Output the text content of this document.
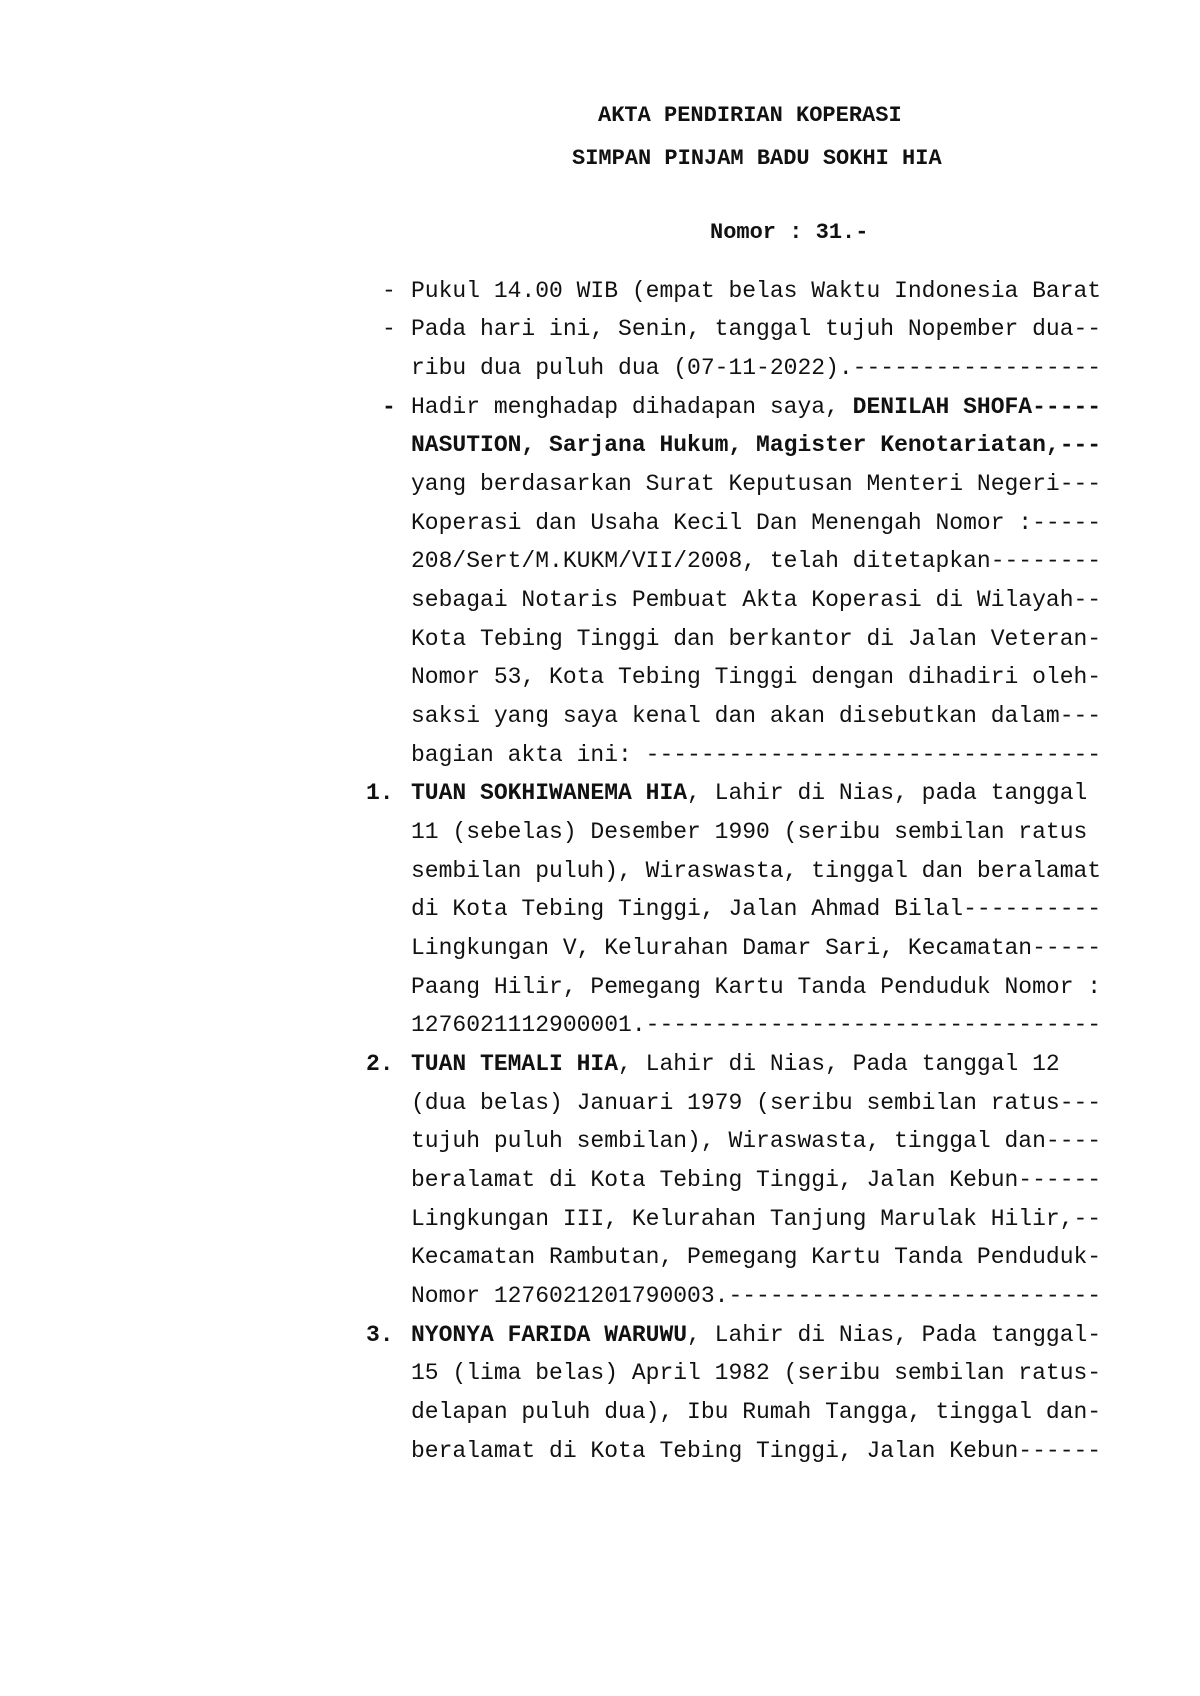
AKTA PENDIRIAN KOPERASI
SIMPAN PINJAM BADU SOKHI HIA
Nomor : 31.-
- Pukul 14.00 WIB (empat belas Waktu Indonesia Barat
- Pada hari ini, Senin, tanggal tujuh Nopember dua--
ribu dua puluh dua (07-11-2022).------------------
- Hadir menghadap dihadapan saya, DENILAH SHOFA-----
NASUTION, Sarjana Hukum, Magister Kenotariatan,---
yang berdasarkan Surat Keputusan Menteri Negeri---
Koperasi dan Usaha Kecil Dan Menengah Nomor :-----
208/Sert/M.KUKM/VII/2008, telah ditetapkan--------
sebagai Notaris Pembuat Akta Koperasi di Wilayah--
Kota Tebing Tinggi dan berkantor di Jalan Veteran-
Nomor 53, Kota Tebing Tinggi dengan dihadiri oleh-
saksi yang saya kenal dan akan disebutkan dalam---
bagian akta ini: ---------------------------------
1. TUAN SOKHIWANEMA HIA, Lahir di Nias, pada tanggal
11 (sebelas) Desember 1990 (seribu sembilan ratus
sembilan puluh), Wiraswasta, tinggal dan beralamat
di Kota Tebing Tinggi, Jalan Ahmad Bilal----------
Lingkungan V, Kelurahan Damar Sari, Kecamatan-----
Paang Hilir, Pemegang Kartu Tanda Penduduk Nomor :
1276021112900001.---------------------------------
2. TUAN TEMALI HIA, Lahir di Nias, Pada tanggal 12
(dua belas) Januari 1979 (seribu sembilan ratus---
tujuh puluh sembilan), Wiraswasta, tinggal dan----
beralamat di Kota Tebing Tinggi, Jalan Kebun------
Lingkungan III, Kelurahan Tanjung Marulak Hilir,--
Kecamatan Rambutan, Pemegang Kartu Tanda Penduduk-
Nomor 1276021201790003.---------------------------
3. NYONYA FARIDA WARUWU, Lahir di Nias, Pada tanggal-
15 (lima belas) April 1982 (seribu sembilan ratus-
delapan puluh dua), Ibu Rumah Tangga, tinggal dan-
beralamat di Kota Tebing Tinggi, Jalan Kebun------
